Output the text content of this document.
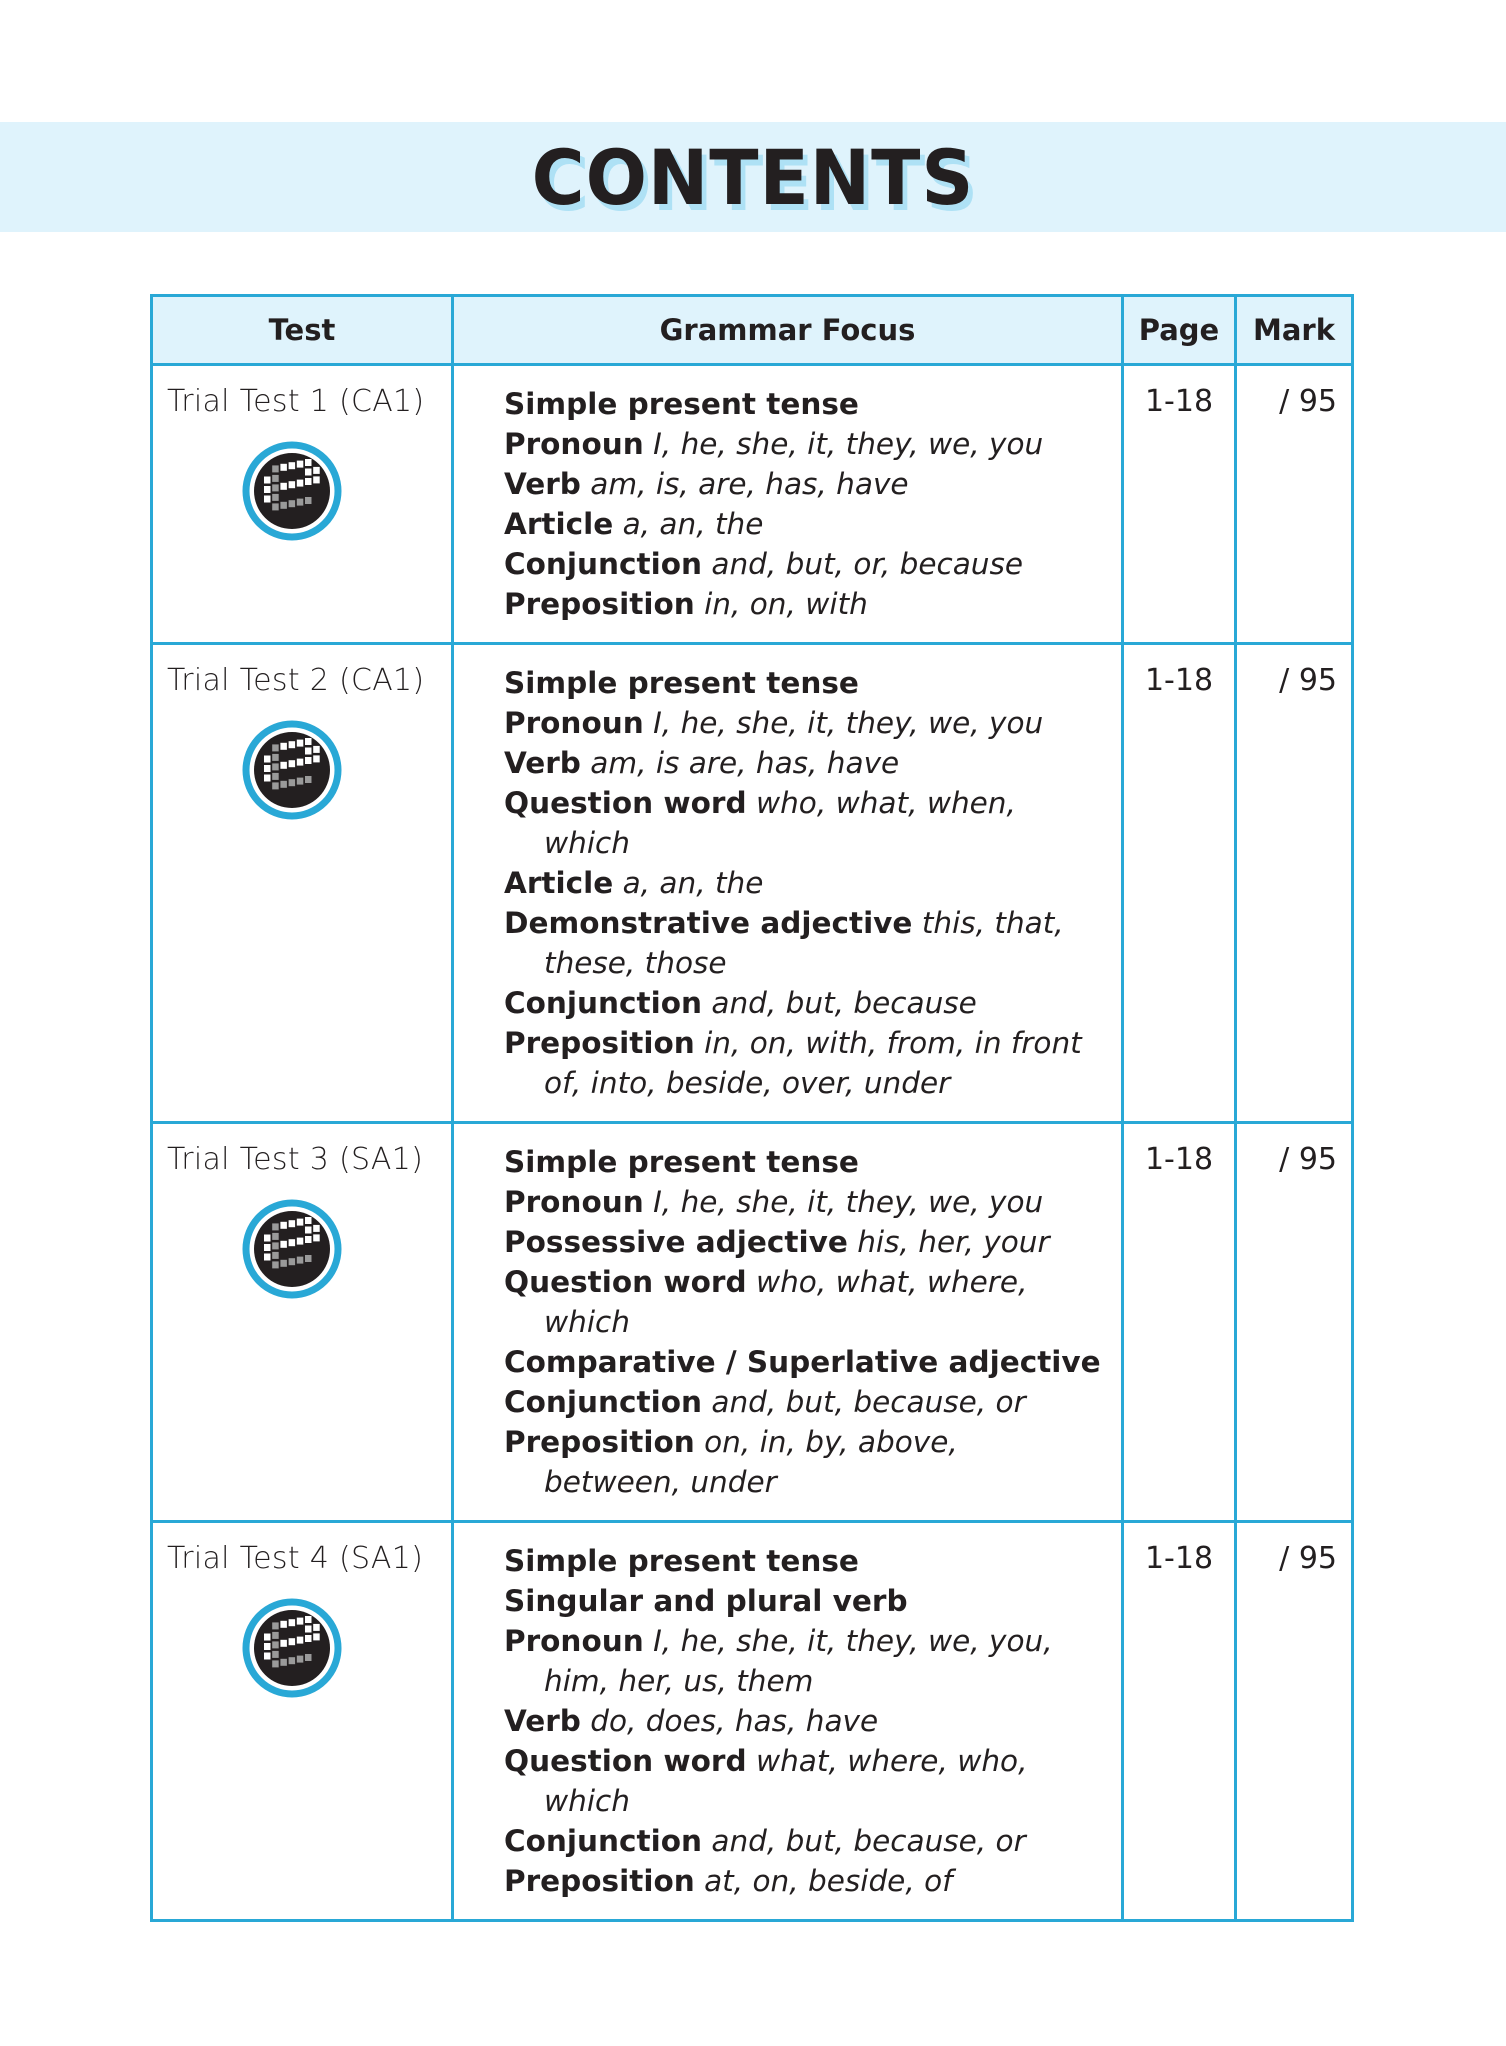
CONTENTS
Test	Grammar Focus	Page	Mark

Trial Test 1 (CA1)	Simple present tense
Pronoun I, he, she, it, they, we, you
Verb am, is, are, has, have
Article a, an, the
Conjunction and, but, or, because
Preposition in, on, with
	1-18	/ 95

Trial Test 2 (CA1)	Simple present tense
Pronoun I, he, she, it, they, we, you
Verb am, is are, has, have
Question word who, what, when,
which
Article a, an, the
Demonstrative adjective this, that,
these, those
Conjunction and, but, because
Preposition in, on, with, from, in front
of, into, beside, over, under
	1-18	/ 95

Trial Test 3 (SA1)	Simple present tense
Pronoun I, he, she, it, they, we, you
Possessive adjective his, her, your
Question word who, what, where,
which
Comparative / Superlative adjective
Conjunction and, but, because, or
Preposition on, in, by, above,
between, under
	1-18	/ 95

Trial Test 4 (SA1)	Simple present tense
Singular and plural verb
Pronoun I, he, she, it, they, we, you,
him, her, us, them
Verb do, does, has, have
Question word what, where, who,
which
Conjunction and, but, because, or
Preposition at, on, beside, of
	1-18	/ 95
